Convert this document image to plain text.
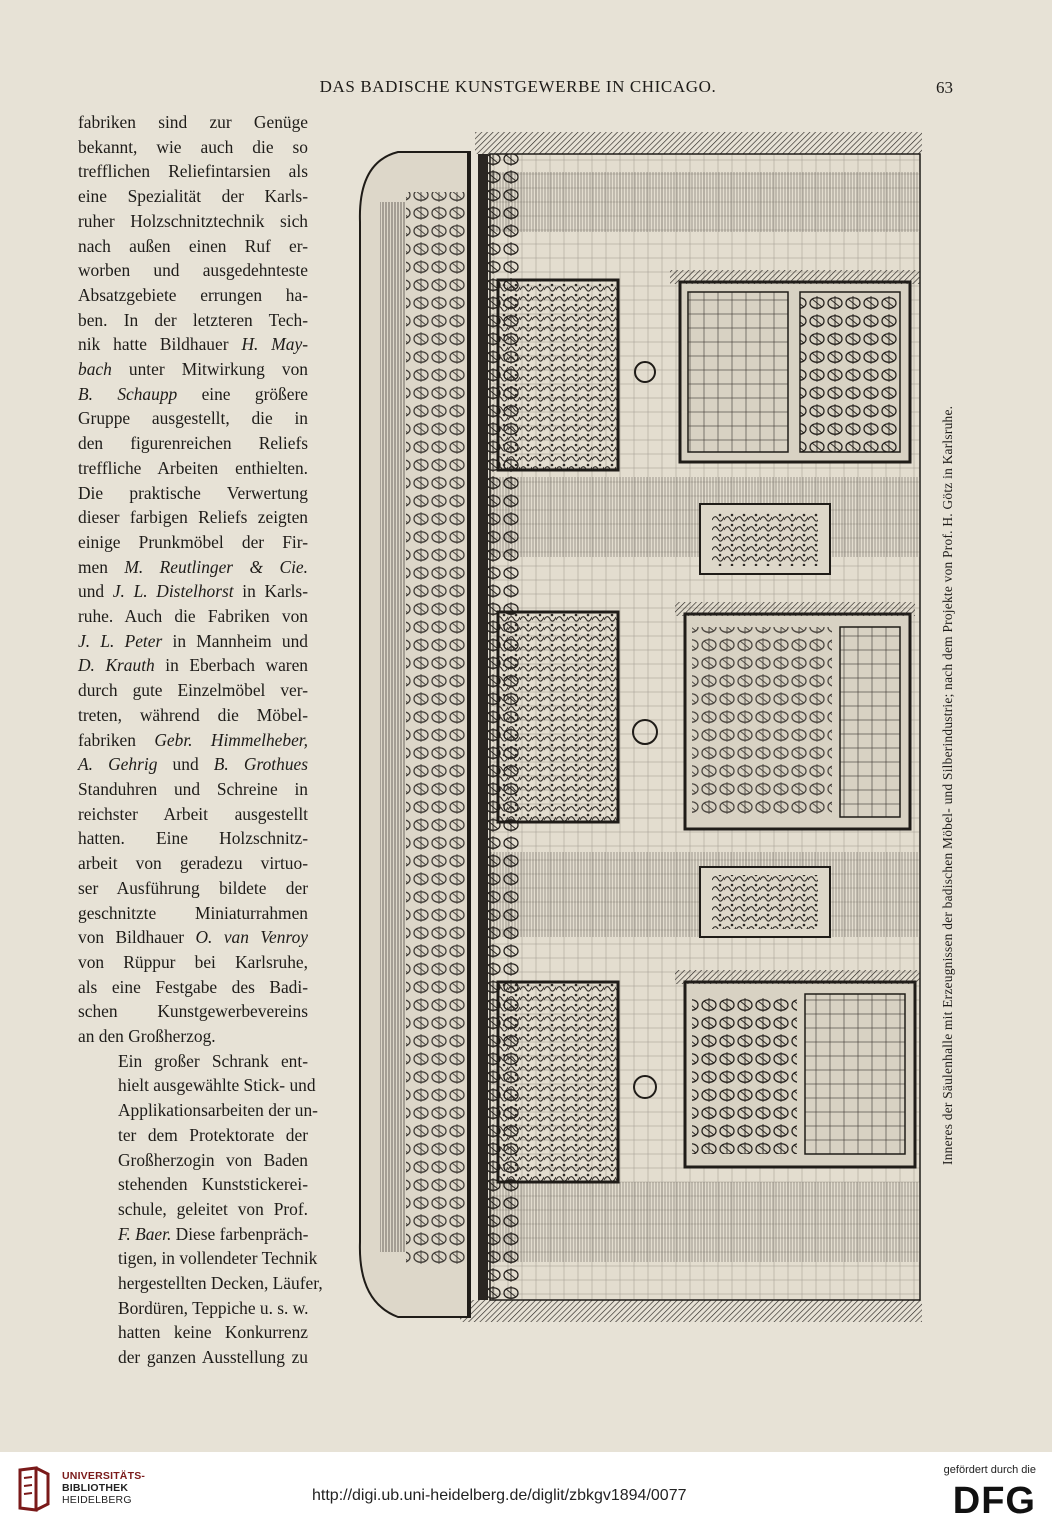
DAS BADISCHE KUNSTGEWERBE IN CHICAGO.	63

fabriken sind zur Genüge
bekannt, wie auch die so
trefflichen Reliefintarsien als
eine Spezialität der Karls-
ruher Holzschnitztechnik sich
nach außen einen Ruf er-
worben und ausgedehnteste
Absatzgebiete errungen ha-
ben. In der letzteren Tech-
nik hatte Bildhauer H. May-
bach unter Mitwirkung von
B. Schaupp eine größere
Gruppe ausgestellt, die in
den figurenreichen Reliefs
treffliche Arbeiten enthielten.
Die praktische Verwertung
dieser farbigen Reliefs zeigten
einige Prunkmöbel der Fir-
men M. Reutlinger & Cie.
und J. L. Distelhorst in Karls-
ruhe. Auch die Fabriken von
J. L. Peter in Mannheim und
D. Krauth in Eberbach waren
durch gute Einzelmöbel ver-
treten, während die Möbel-
fabriken Gebr. Himmelheber,
A. Gehrig und B. Grothues
Standuhren und Schreine in
reichster Arbeit ausgestellt
hatten. Eine Holzschnitz-
arbeit von geradezu virtuo-
ser Ausführung bildete der
geschnitzte Miniaturrahmen
von Bildhauer O. van Venroy
von Rüppur bei Karlsruhe,
als eine Festgabe des Badi-
schen Kunstgewerbevereins
an den Großherzog.

Ein großer Schrank ent-
hielt ausgewählte Stick- und
Applikationsarbeiten der un-
ter dem Protektorate der
Großherzogin von Baden
stehenden Kunststickerei-
schule, geleitet von Prof.
F. Baer. Diese farbenpräch-
tigen, in vollendeter Technik
hergestellten Decken, Läufer,
Bordüren, Teppiche u. s. w.
hatten keine Konkurrenz
der ganzen Ausstellung zu

Inneres der Säulenhalle mit Erzeugnissen der badischen Möbel- und Silberindustrie; nach dem Projekte von Prof. H. Götz in Karlsruhe.
UNIVERSITÄTS-
BIBLIOTHEK
HEIDELBERG	http://digi.ub.uni-heidelberg.de/diglit/zbkgv1894/0077
gefördert durch die
DFG
